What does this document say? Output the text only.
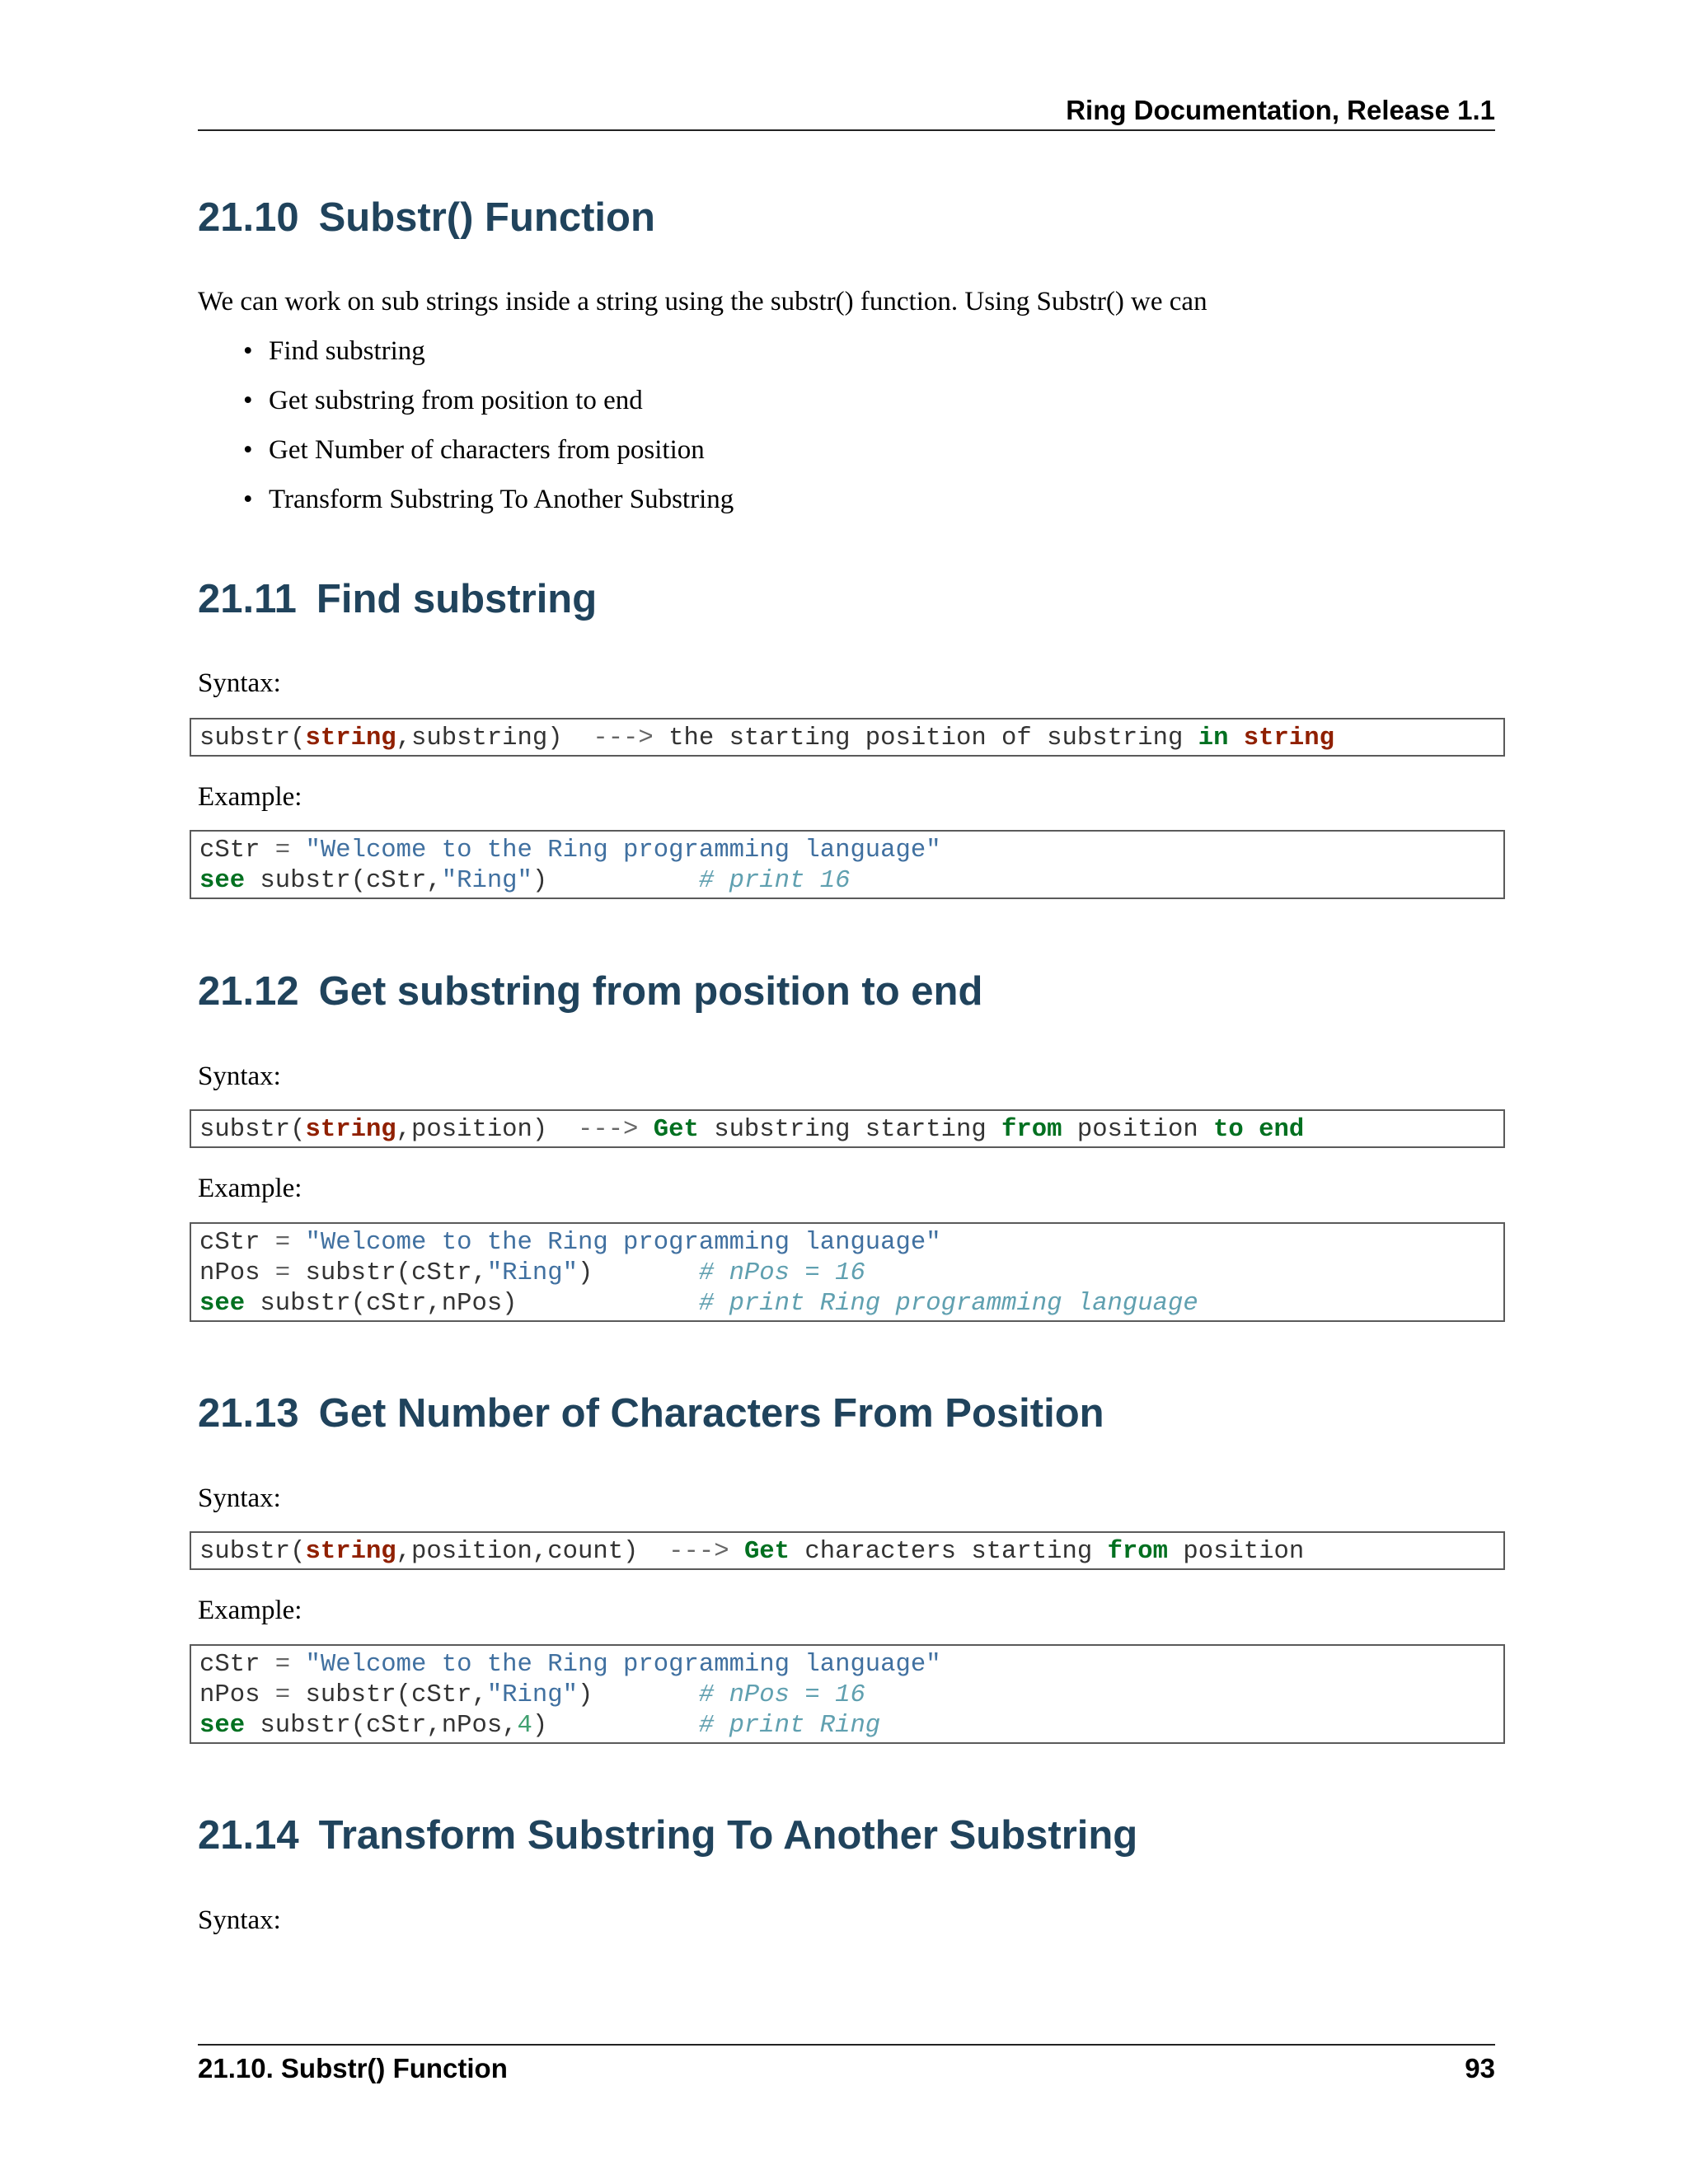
Ring Documentation, Release 1.1
21.10 Substr() Function

We can work on sub strings inside a string using the substr() function. Using Substr() we can

• Find substring
• Get substring from position to end
• Get Number of characters from position
• Transform Substring To Another Substring
21.11 Find substring

Syntax:

substr(string,substring)  ---> the starting position of substring in string

Example:

cStr = "Welcome to the Ring programming language"
see substr(cStr,"Ring")          # print 16
21.12 Get substring from position to end

Syntax:

substr(string,position)  ---> Get substring starting from position to end

Example:

cStr = "Welcome to the Ring programming language"
nPos = substr(cStr,"Ring")       # nPos = 16
see substr(cStr,nPos)            # print Ring programming language
21.13 Get Number of Characters From Position

Syntax:

substr(string,position,count)  ---> Get characters starting from position

Example:

cStr = "Welcome to the Ring programming language"
nPos = substr(cStr,"Ring")       # nPos = 16
see substr(cStr,nPos,4)          # print Ring
21.14 Transform Substring To Another Substring

Syntax:

21.10. Substr() Function	93
